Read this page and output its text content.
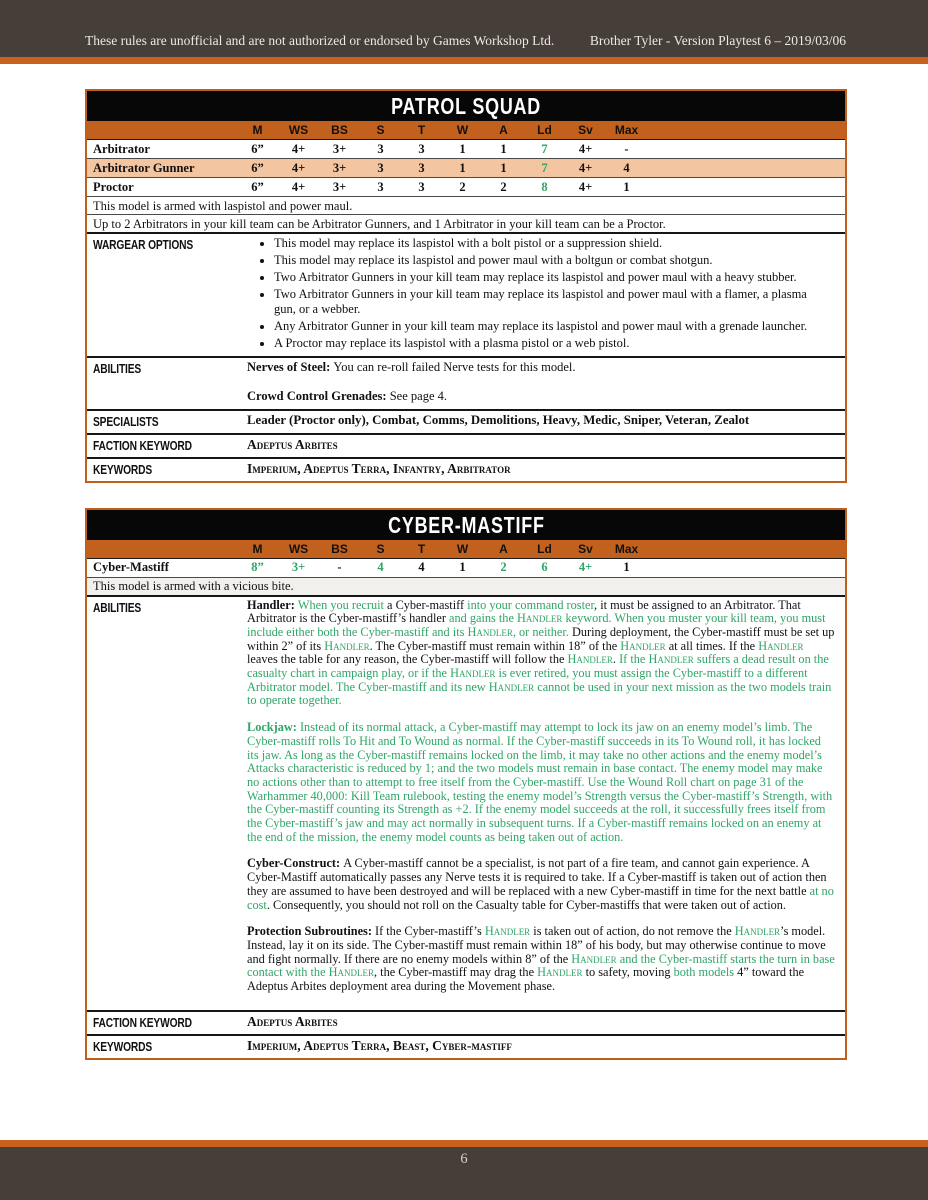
These rules are unofficial and are not authorized or endorsed by Games Workshop Ltd.	Brother Tyler - Version Playtest 6 – 2019/03/06
PATROL SQUAD
M	WS	BS	S	T	W	A	Ld	Sv	Max
Arbitrator	6”	4+	3+	3	3	1	1	7	4+	-
Arbitrator Gunner	6”	4+	3+	3	3	1	1	7	4+	4
Proctor	6”	4+	3+	3	3	2	2	8	4+	1
This model is armed with laspistol and power maul.
Up to 2 Arbitrators in your kill team can be Arbitrator Gunners, and 1 Arbitrator in your kill team can be a Proctor.
WARGEAR OPTIONS	• This model may replace its laspistol with a bolt pistol or a suppression shield.
• This model may replace its laspistol and power maul with a boltgun or combat shotgun.
• Two Arbitrator Gunners in your kill team may replace its laspistol and power maul with a heavy stubber.
• Two Arbitrator Gunners in your kill team may replace its laspistol and power maul with a flamer, a plasma gun, or a webber.
• Any Arbitrator Gunner in your kill team may replace its laspistol and power maul with a grenade launcher.
• A Proctor may replace its laspistol with a plasma pistol or a web pistol.
ABILITIES	Nerves of Steel: You can re-roll failed Nerve tests for this model.

Crowd Control Grenades: See page 4.

SPECIALISTS	Leader (Proctor only), Combat, Comms, Demolitions, Heavy, Medic, Sniper, Veteran, Zealot
FACTION KEYWORD	Adeptus Arbites
KEYWORDS	Imperium, Adeptus Terra, Infantry, Arbitrator
CYBER-MASTIFF
M	WS	BS	S	T	W	A	Ld	Sv	Max
Cyber-Mastiff	8”	3+	-	4	4	1	2	6	4+	1
This model is armed with a vicious bite.
ABILITIES	Handler: When you recruit a Cyber-mastiff into your command roster, it must be assigned to an Arbitrator. That Arbitrator is the Cyber-mastiff’s handler and gains the Handler keyword. When you muster your kill team, you must include either both the Cyber-mastiff and its Handler, or neither. During deployment, the Cyber-mastiff must be set up within 2” of its Handler. The Cyber-mastiff must remain within 18” of the Handler at all times. If the Handler leaves the table for any reason, the Cyber-mastiff will follow the Handler. If the Handler suffers a dead result on the casualty chart in campaign play, or if the Handler is ever retired, you must assign the Cyber-mastiff to a different Arbitrator model. The Cyber-mastiff and its new Handler cannot be used in your next mission as the two models train to operate together.

Lockjaw: Instead of its normal attack, a Cyber-mastiff may attempt to lock its jaw on an enemy model’s limb. The Cyber-mastiff rolls To Hit and To Wound as normal. If the Cyber-mastiff succeeds in its To Wound roll, it has locked its jaw. As long as the Cyber-mastiff remains locked on the limb, it may take no other actions and the enemy model’s Attacks characteristic is reduced by 1; and the two models must remain in base contact. The enemy model may make no actions other than to attempt to free itself from the Cyber-mastiff. Use the Wound Roll chart on page 31 of the Warhammer 40,000: Kill Team rulebook, testing the enemy model’s Strength versus the Cyber-mastiff’s Strength, with the Cyber-mastiff counting its Strength as +2. If the enemy model succeeds at the roll, it successfully frees itself from the Cyber-mastiff’s jaw and may act normally in subsequent turns. If a Cyber-mastiff remains locked on an enemy at the end of the mission, the enemy model counts as being taken out of action.

Cyber-Construct: A Cyber-mastiff cannot be a specialist, is not part of a fire team, and cannot gain experience. A Cyber-Mastiff automatically passes any Nerve tests it is required to take. If a Cyber-mastiff is taken out of action then they are assumed to have been destroyed and will be replaced with a new Cyber-mastiff in time for the next battle at no cost. Consequently, you should not roll on the Casualty table for Cyber-mastiffs that were taken out of action.

Protection Subroutines: If the Cyber-mastiff’s Handler is taken out of action, do not remove the Handler’s model. Instead, lay it on its side. The Cyber-mastiff must remain within 18” of his body, but may otherwise continue to move and fight normally. If there are no enemy models within 8” of the Handler and the Cyber-mastiff starts the turn in base contact with the Handler, the Cyber-mastiff may drag the Handler to safety, moving both models 4” toward the Adeptus Arbites deployment area during the Movement phase.

FACTION KEYWORD	Adeptus Arbites
KEYWORDS	Imperium, Adeptus Terra, Beast, Cyber-mastiff
6
